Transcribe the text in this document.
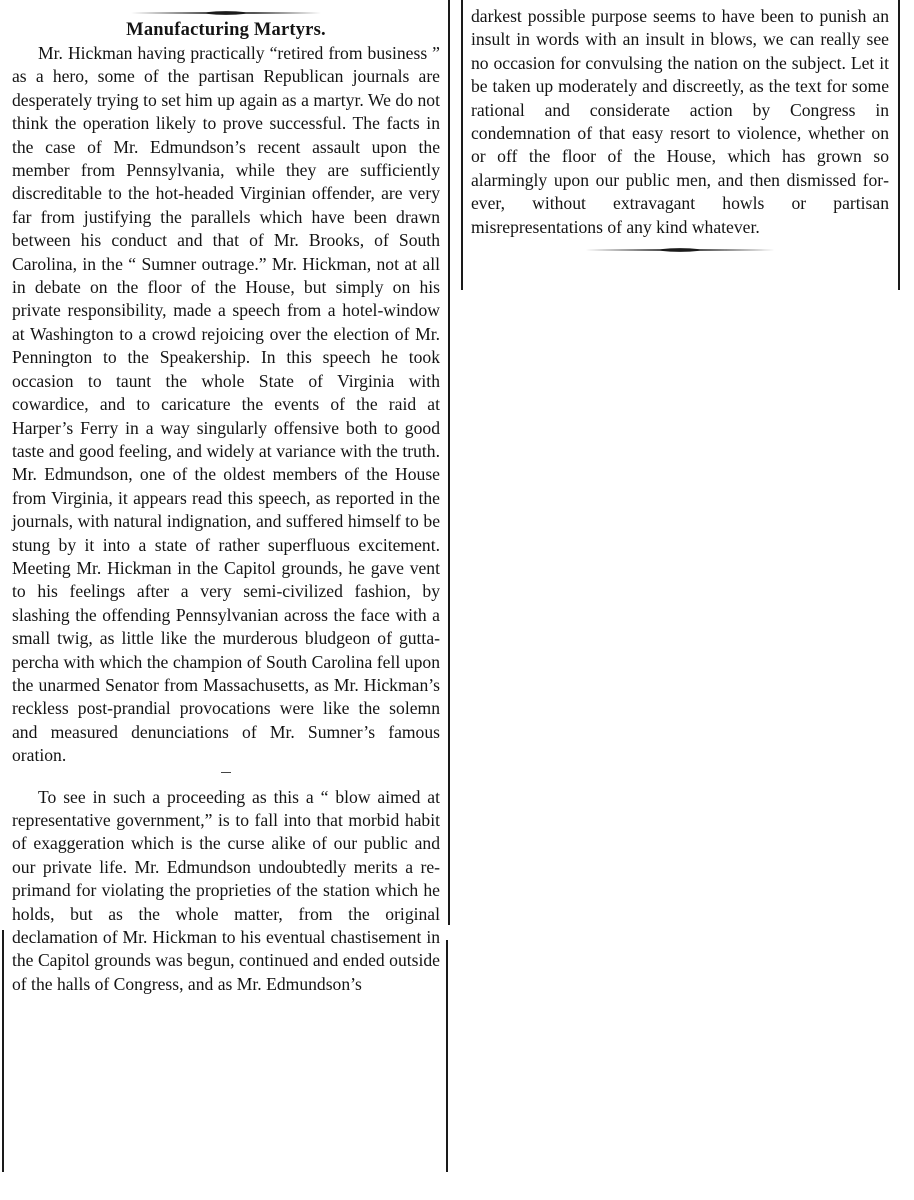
Manufacturing Martyrs.

Mr. Hickman having practically “retired from business ” as a hero, some of the partisan Republican journals are desperately trying to set him up again as a martyr. We do not think the operation likely to prove successful. The facts in the case of Mr. Edmundson’s recent assault upon the member from Pennsylvania, while they are sufficiently discreditable to the hot-headed Virginian offender, are very far from justifying the parallels which have been drawn between his conduct and that of Mr. Brooks, of South Carolina, in the “ Sumner outrage.” Mr. Hickman, not at all in debate on the floor of the House, but simply on his private responsibility, made a speech from a hotel-window at Washington to a crowd rejoicing over the election of Mr. Pennington to the Speakership. In this speech he took occasion to taunt the whole State of Virginia with cowardice, and to caricature the events of the raid at Harper’s Ferry in a way singularly offensive both to good taste and good feeling, and widely at variance with the truth. Mr. Edmundson, one of the oldest members of the House from Virginia, it appears read this speech, as reported in the journals, with natural indignation, and suffered himself to be stung by it into a state of rather superfluous excitement. Meeting Mr. Hickman in the Capitol grounds, he gave vent to his feelings after a very semi-civilized fashion, by slashing the offending Pennsylvanian across the face with a small twig, as little like the murderous bludgeon of gutta-percha with which the champion of South Carolina fell upon the unarmed Senator from Massachusetts, as Mr. Hickman’s reckless post-prandial provocations were like the solemn and measured denunciations of Mr. Sumner’s famous oration.

To see in such a proceeding as this a “ blow aimed at representative government,” is to fall into that morbid habit of exaggeration which is the curse alike of our public and our private life. Mr. Edmundson undoubtedly merits a reprimand for violating the proprieties of the station which he holds, but as the whole matter, from the original declamation of Mr. Hickman to his eventual chastisement in the Capitol grounds was begun, continued and ended outside of the halls of Congress, and as Mr. Edmundson’s

darkest possible purpose seems to have been to punish an insult in words with an insult in blows, we can really see no occasion for convulsing the nation on the subject. Let it be taken up moderately and discreetly, as the text for some rational and considerate action by Congress in condemnation of that easy resort to violence, whether on or off the floor of the House, which has grown so alarmingly upon our public men, and then dismissed forever, without extravagant howls or partisan misrepresentations of any kind whatever.
